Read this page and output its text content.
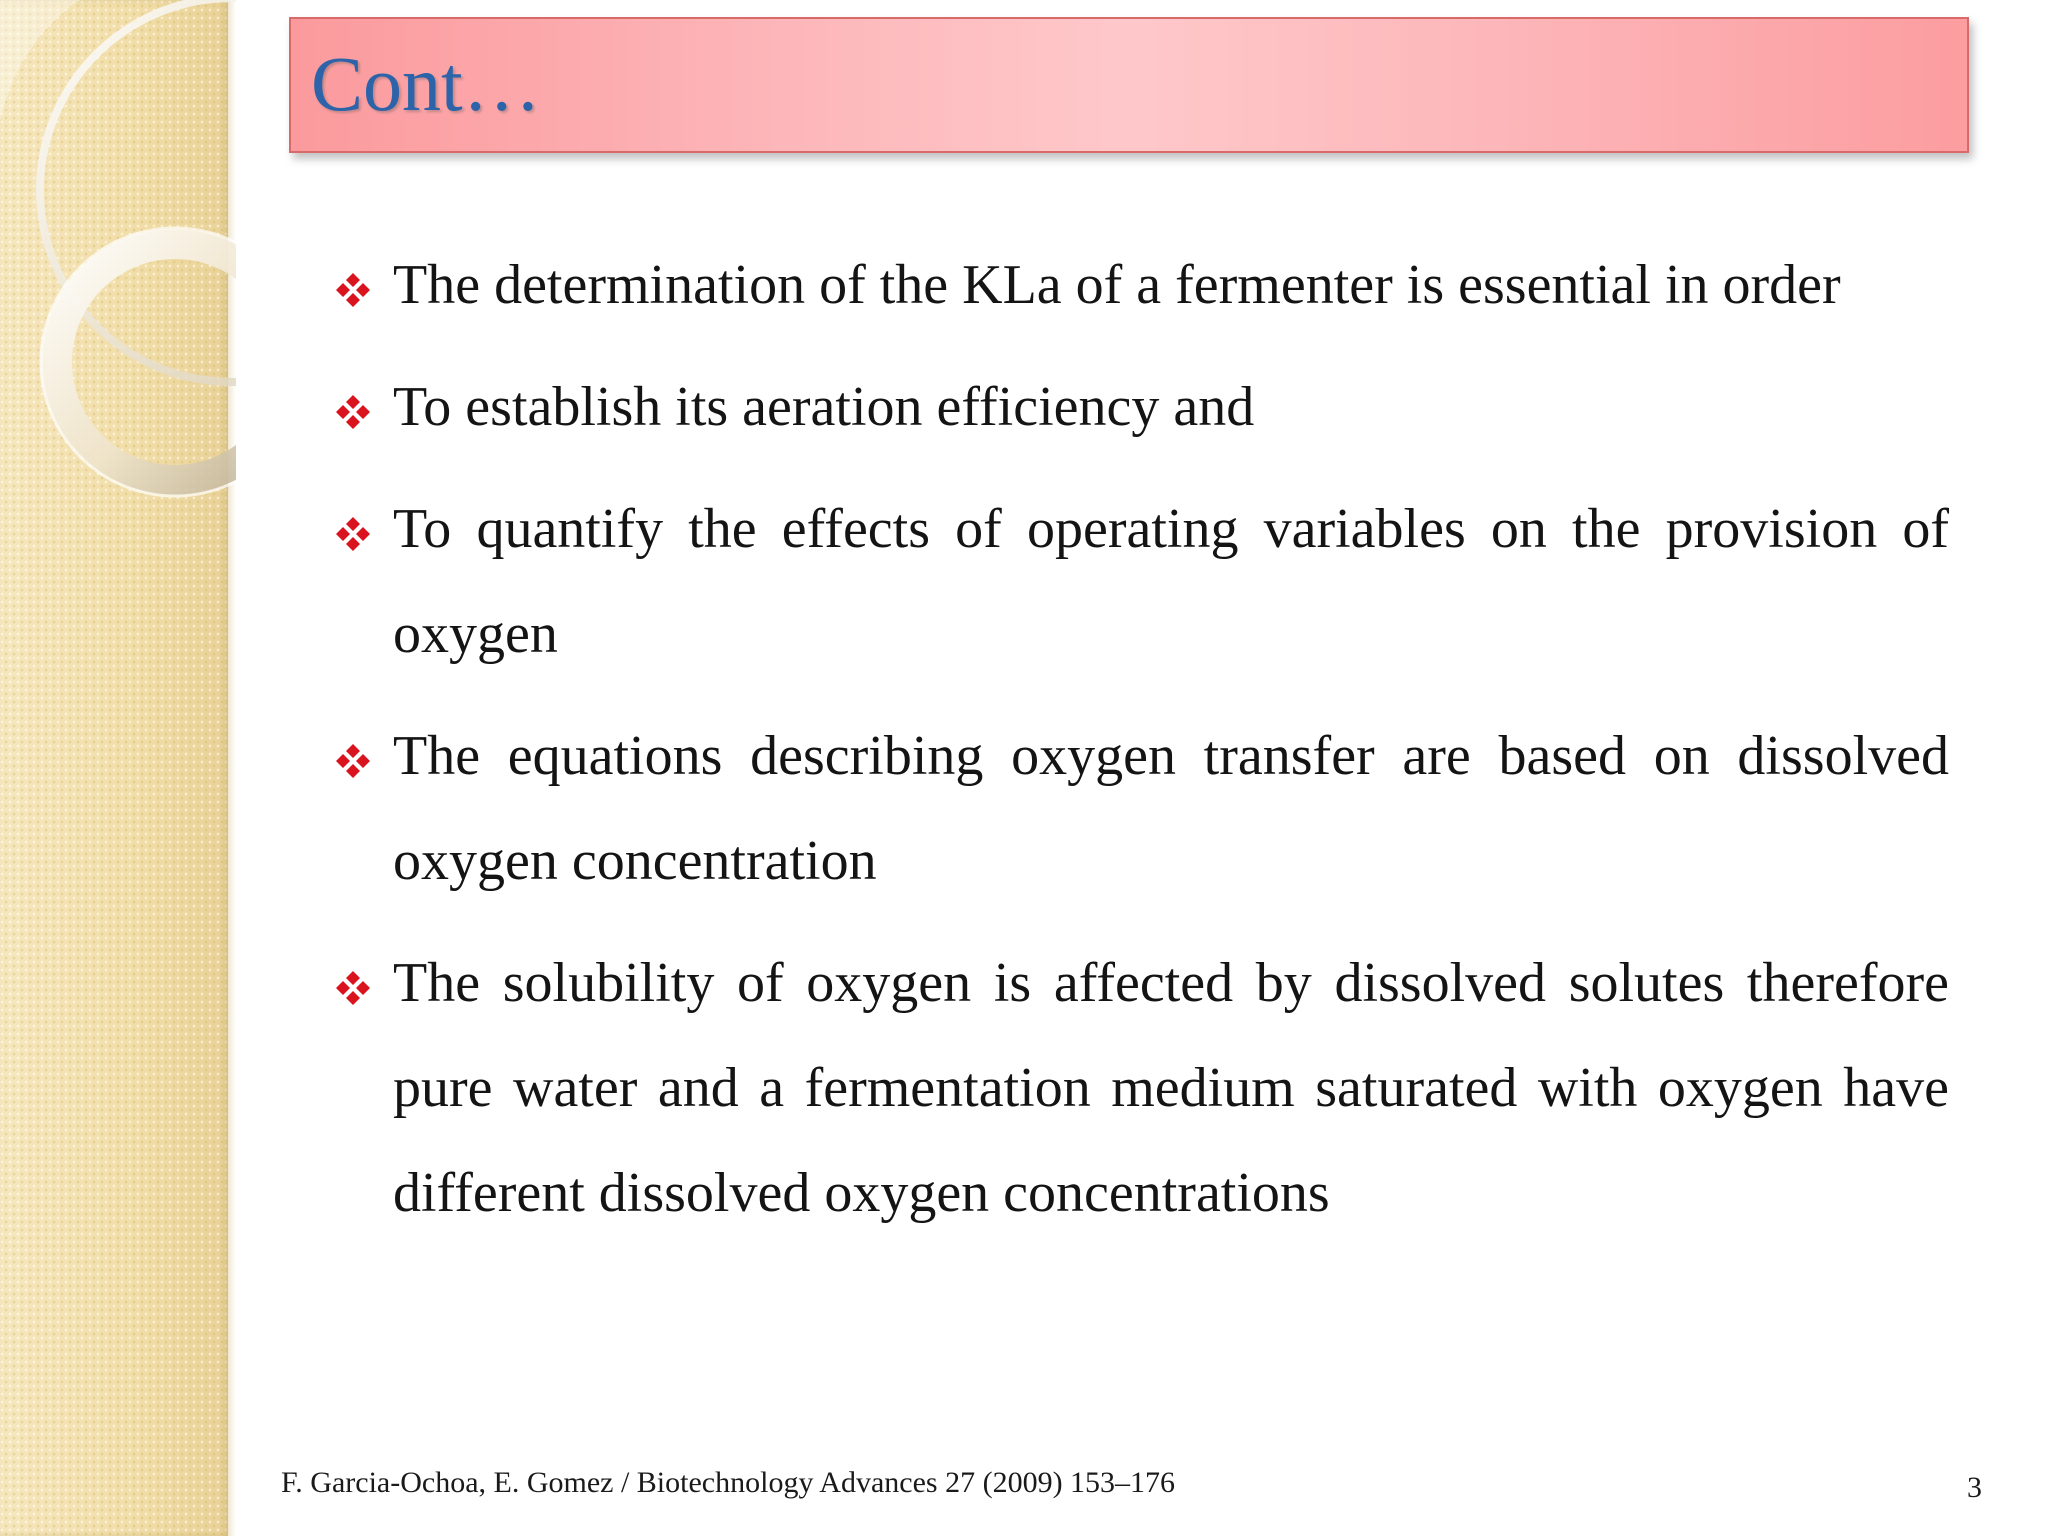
Cont…
The determination of the KLa of a fermenter is essential in order
To establish its aeration efficiency and
To quantify the effects of operating variables on the provision of oxygen
The equations describing oxygen transfer are based on dissolved oxygen concentration
The solubility of oxygen is affected by dissolved solutes therefore pure water and a fermentation medium saturated with oxygen have different dissolved oxygen concentrations
F. Garcia-Ochoa, E. Gomez / Biotechnology Advances 27 (2009) 153–176	3
